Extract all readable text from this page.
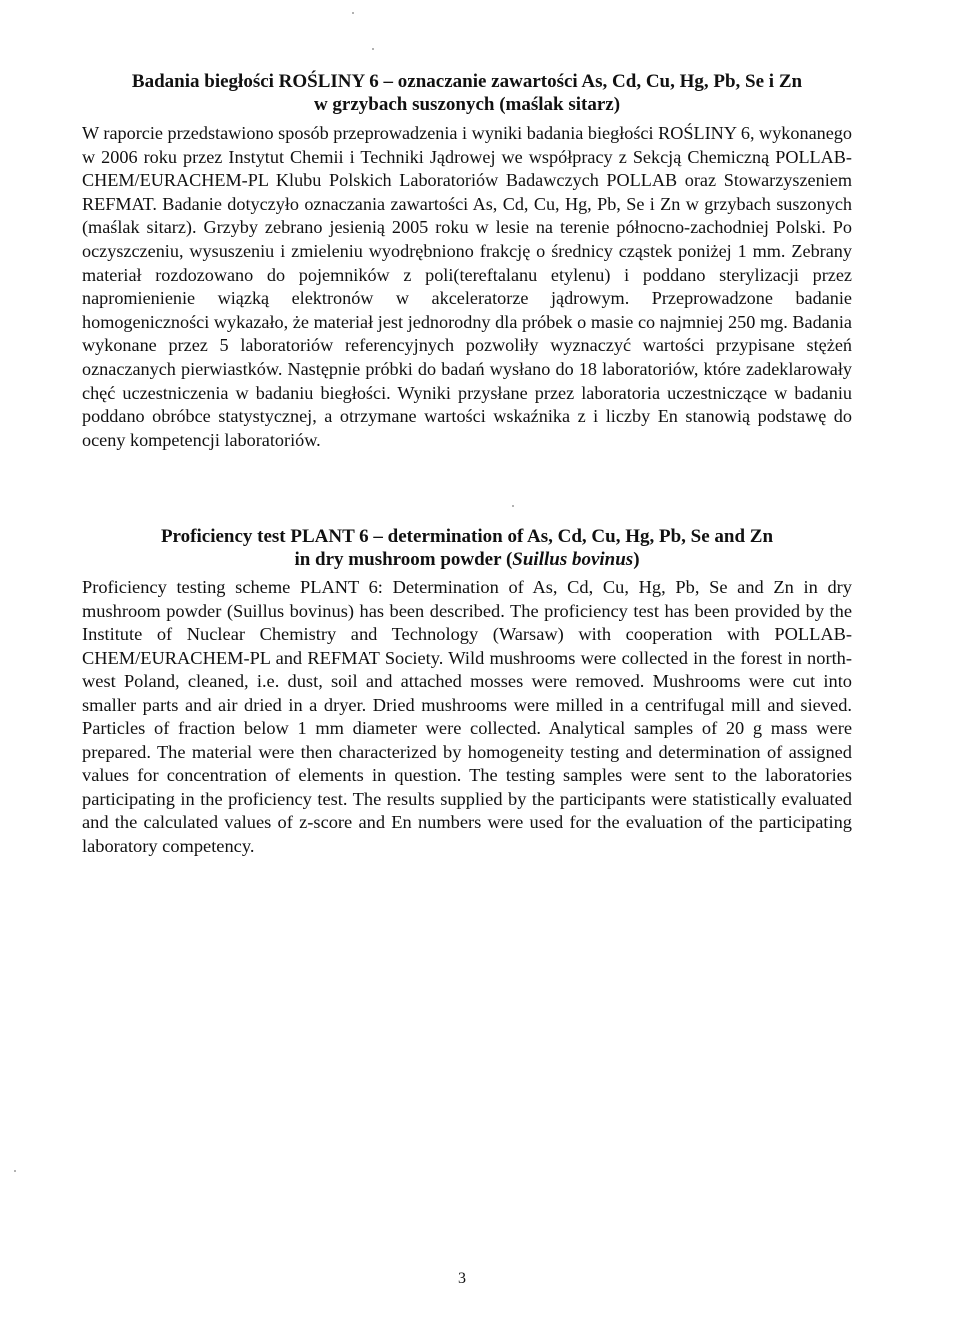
Badania biegłości ROŚLINY 6 – oznaczanie zawartości As, Cd, Cu, Hg, Pb, Se i Zn
w grzybach suszonych (maślak sitarz)

W raporcie przedstawiono sposób przeprowadzenia i wyniki badania biegłości ROŚLINY 6, wykonanego w 2006 roku przez Instytut Chemii i Techniki Jądrowej we współpracy z Sekcją Chemiczną POLLAB-CHEM/EURACHEM-PL Klubu Polskich Laboratoriów Badawczych POLLAB oraz Stowarzyszeniem REFMAT. Badanie dotyczyło oznaczania zawartości As, Cd, Cu, Hg, Pb, Se i Zn w grzybach suszonych (maślak sitarz). Grzyby zebrano jesienią 2005 roku w lesie na terenie północno-zachodniej Polski. Po oczyszczeniu, wysuszeniu i zmieleniu wyodrębniono frakcję o średnicy cząstek poniżej 1 mm. Zebrany materiał rozdozowano do pojemników z poli(tereftalanu etylenu) i poddano sterylizacji przez napromienienie wiązką elektronów w akceleratorze jądrowym. Przeprowadzone badanie homogeniczności wykazało, że materiał jest jednorodny dla próbek o masie co najmniej 250 mg. Badania wykonane przez 5 laboratoriów referencyjnych pozwoliły wyznaczyć wartości przypisane stężeń oznaczanych pierwiastków. Następnie próbki do badań wysłano do 18 laboratoriów, które zadeklarowały chęć uczestniczenia w badaniu biegłości. Wyniki przysłane przez laboratoria uczestniczące w badaniu poddano obróbce statystycznej, a otrzymane wartości wskaźnika z i liczby En stanowią podstawę do oceny kompetencji laboratoriów.

Proficiency test PLANT 6 – determination of As, Cd, Cu, Hg, Pb, Se and Zn
in dry mushroom powder (Suillus bovinus)

Proficiency testing scheme PLANT 6: Determination of As, Cd, Cu, Hg, Pb, Se and Zn in dry mushroom powder (Suillus bovinus) has been described. The proficiency test has been provided by the Institute of Nuclear Chemistry and Technology (Warsaw) with cooperation with POLLAB-CHEM/EURACHEM-PL and REFMAT Society. Wild mushrooms were collected in the forest in north-west Poland, cleaned, i.e. dust, soil and attached mosses were removed. Mushrooms were cut into smaller parts and air dried in a dryer. Dried mushrooms were milled in a centrifugal mill and sieved. Particles of fraction below 1 mm diameter were collected. Analytical samples of 20 g mass were prepared. The material were then characterized by homogeneity testing and determination of assigned values for concentration of elements in question. The testing samples were sent to the laboratories participating in the proficiency test. The results supplied by the participants were statistically evaluated and the calculated values of z-score and En numbers were used for the evaluation of the participating laboratory competency.

3
